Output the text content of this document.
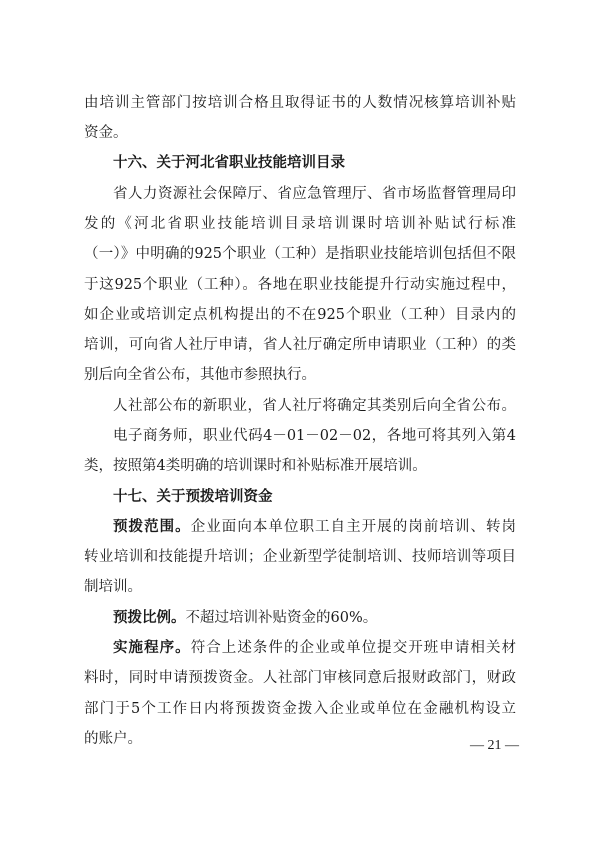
由培训主管部门按培训合格且取得证书的人数情况核算培训补贴
资金。
十六、关于河北省职业技能培训目录
省人力资源社会保障厅、省应急管理厅、省市场监督管理局印
发的《河北省职业技能培训目录培训课时培训补贴试行标准
（一）》中明确的925个职业（工种）是指职业技能培训包括但不限
于这925个职业（工种）。各地在职业技能提升行动实施过程中，
如企业或培训定点机构提出的不在925个职业（工种）目录内的
培训，可向省人社厅申请，省人社厅确定所申请职业（工种）的类
别后向全省公布，其他市参照执行。
人社部公布的新职业，省人社厅将确定其类别后向全省公布。
电子商务师，职业代码4－01－02－02，各地可将其列入第4
类，按照第4类明确的培训课时和补贴标准开展培训。
十七、关于预拨培训资金
预拨范围。企业面向本单位职工自主开展的岗前培训、转岗
转业培训和技能提升培训；企业新型学徒制培训、技师培训等项目
制培训。
预拨比例。不超过培训补贴资金的60%。
实施程序。符合上述条件的企业或单位提交开班申请相关材
料时，同时申请预拨资金。人社部门审核同意后报财政部门，财政
部门于5个工作日内将预拨资金拨入企业或单位在金融机构设立
的账户。	— 21 —
